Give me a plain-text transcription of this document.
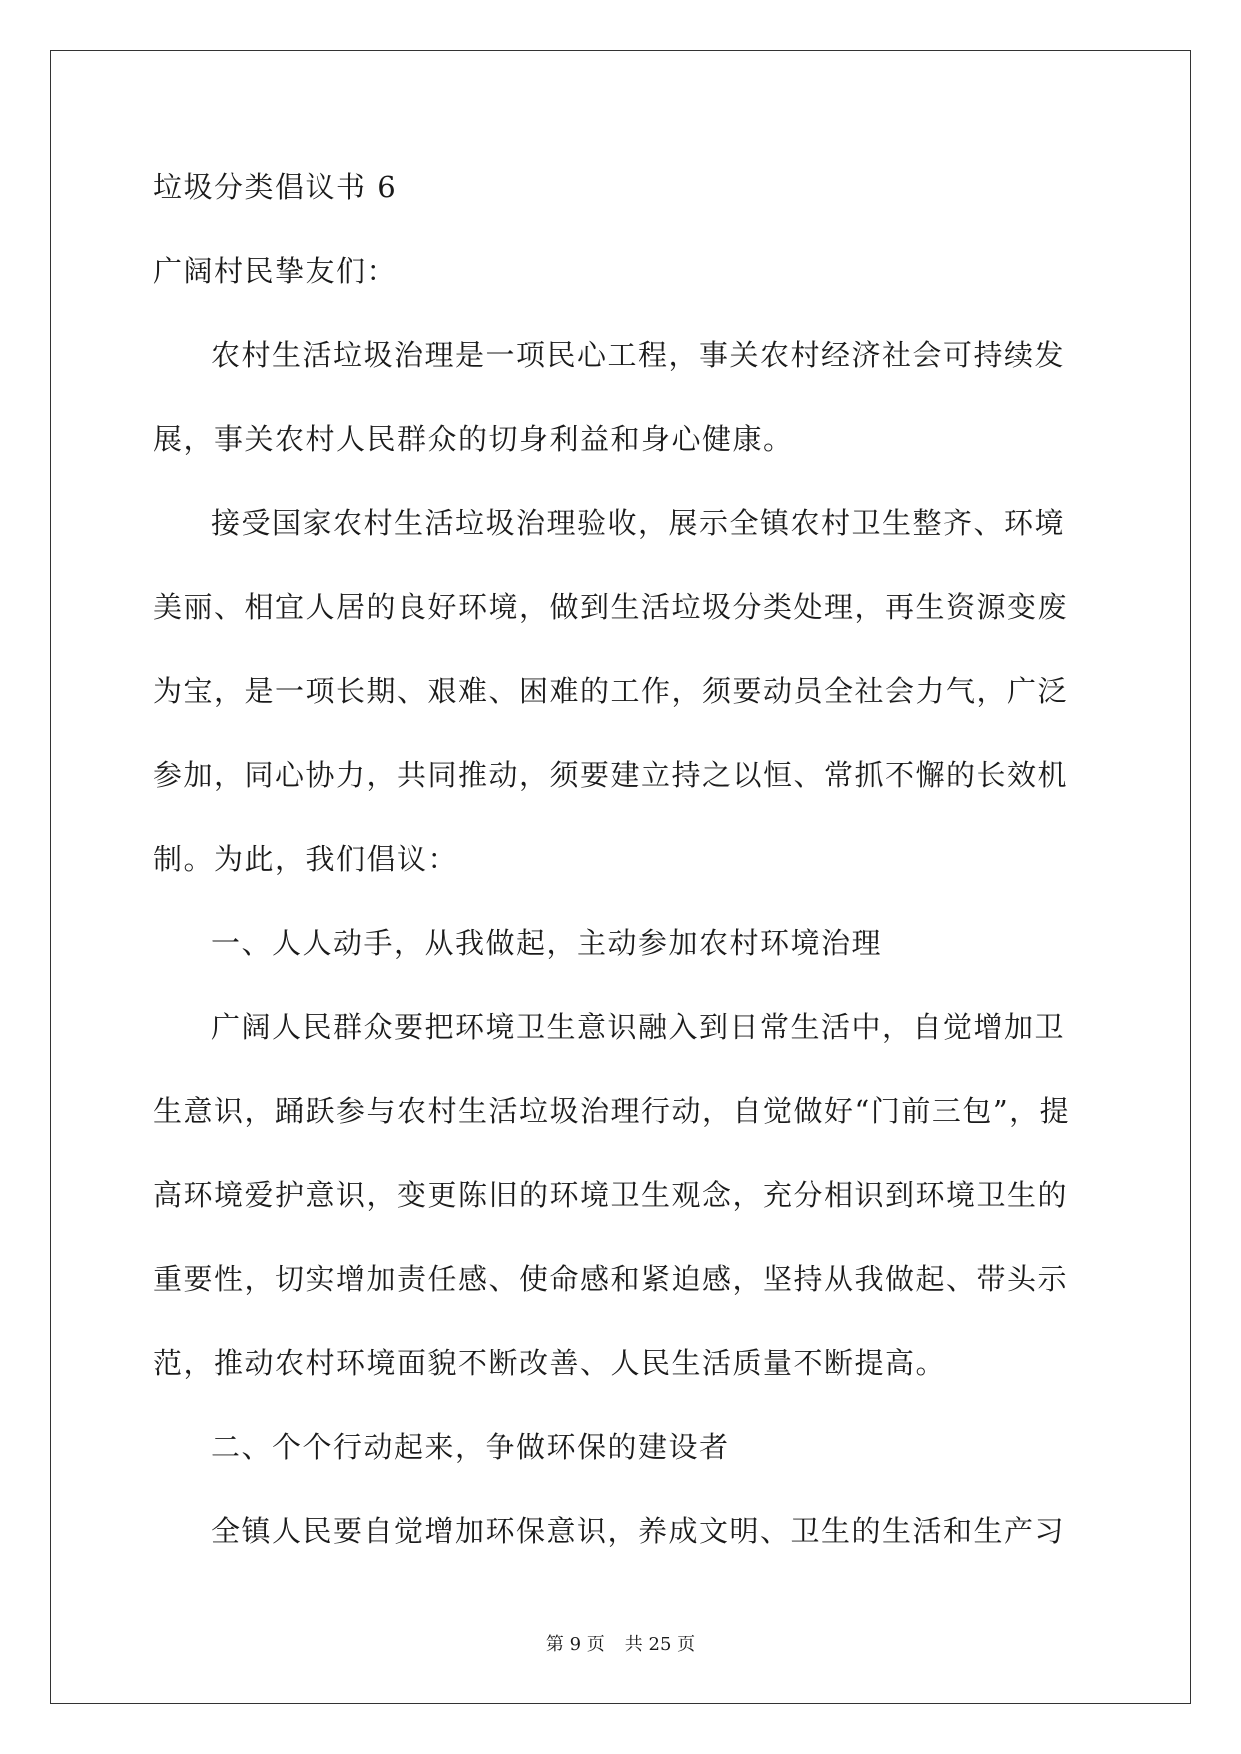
垃圾分类倡议书 6

广阔村民挚友们：

农村生活垃圾治理是一项民心工程，事关农村经济社会可持续发

展，事关农村人民群众的切身利益和身心健康。

接受国家农村生活垃圾治理验收，展示全镇农村卫生整齐、环境

美丽、相宜人居的良好环境，做到生活垃圾分类处理，再生资源变废

为宝，是一项长期、艰难、困难的工作，须要动员全社会力气，广泛

参加，同心协力，共同推动，须要建立持之以恒、常抓不懈的长效机

制。为此，我们倡议：

一、人人动手，从我做起，主动参加农村环境治理

广阔人民群众要把环境卫生意识融入到日常生活中，自觉增加卫

生意识，踊跃参与农村生活垃圾治理行动，自觉做好“门前三包”，提

高环境爱护意识，变更陈旧的环境卫生观念，充分相识到环境卫生的

重要性，切实增加责任感、使命感和紧迫感，坚持从我做起、带头示

范，推动农村环境面貌不断改善、人民生活质量不断提高。

二、个个行动起来，争做环保的建设者

全镇人民要自觉增加环保意识，养成文明、卫生的生活和生产习

第 9 页 共 25 页
